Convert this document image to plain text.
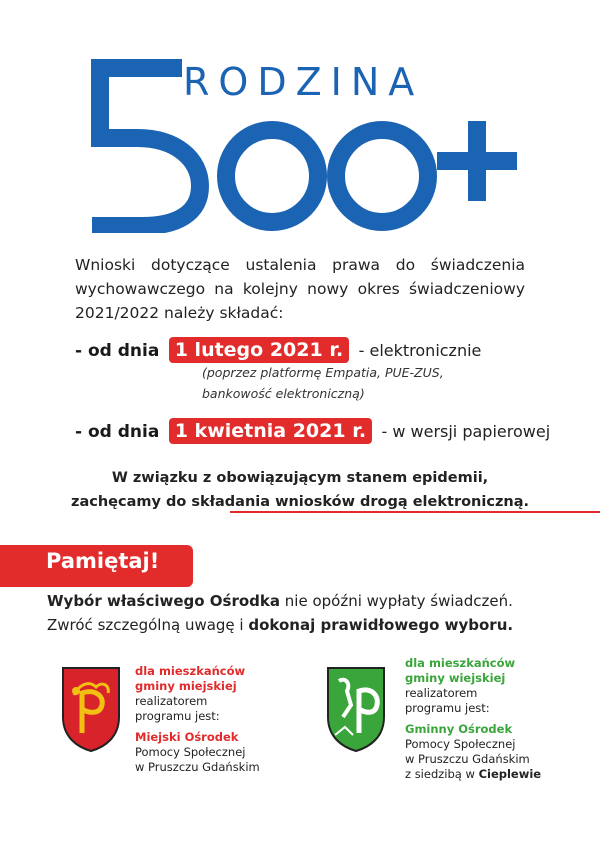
RODZINA
Wnioski dotyczące ustalenia prawa do świadczenia wychowawczego na kolejny nowy okres świadczeniowy 2021/2022 należy składać:
- od dnia 1 lutego 2021 r. - elektronicznie
(poprzez platformę Empatia, PUE-ZUS,
bankowość elektroniczną)
- od dnia 1 kwietnia 2021 r. - w wersji papierowej
W związku z obowiązującym stanem epidemii,
zachęcamy do składania wniosków drogą elektroniczną.
Pamiętaj!
Wybór właściwego Ośrodka nie opóźni wypłaty świadczeń.
Zwróć szczególną uwagę i dokonaj prawidłowego wyboru.
dla mieszkańców
gminy miejskiej
realizatorem
programu jest:
Miejski Ośrodek
Pomocy Społecznej
w Pruszczu Gdańskim
dla mieszkańców
gminy wiejskiej
realizatorem
programu jest:
Gminny Ośrodek
Pomocy Społecznej
w Pruszczu Gdańskim
z siedzibą w Cieplewie
